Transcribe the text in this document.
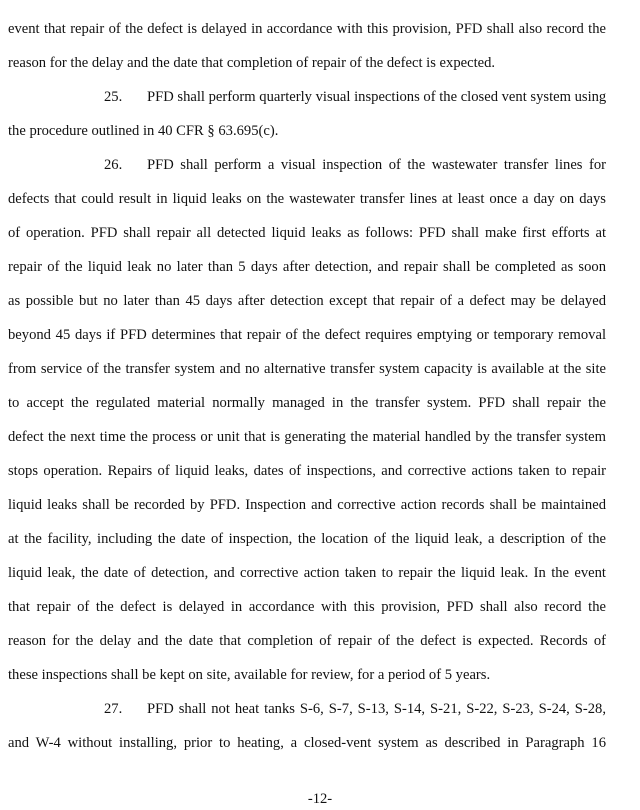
event that repair of the defect is delayed in accordance with this provision, PFD shall also record the
reason for the delay and the date that completion of repair of the defect is expected.
25. PFD shall perform quarterly visual inspections of the closed vent system using
the procedure outlined in 40 CFR § 63.695(c).
26. PFD shall perform a visual inspection of the wastewater transfer lines for
defects that could result in liquid leaks on the wastewater transfer lines at least once a day on days
of operation. PFD shall repair all detected liquid leaks as follows: PFD shall make first efforts at
repair of the liquid leak no later than 5 days after detection, and repair shall be completed as soon
as possible but no later than 45 days after detection except that repair of a defect may be delayed
beyond 45 days if PFD determines that repair of the defect requires emptying or temporary removal
from service of the transfer system and no alternative transfer system capacity is available at the site
to accept the regulated material normally managed in the transfer system. PFD shall repair the
defect the next time the process or unit that is generating the material handled by the transfer system
stops operation. Repairs of liquid leaks, dates of inspections, and corrective actions taken to repair
liquid leaks shall be recorded by PFD. Inspection and corrective action records shall be maintained
at the facility, including the date of inspection, the location of the liquid leak, a description of the
liquid leak, the date of detection, and corrective action taken to repair the liquid leak. In the event
that repair of the defect is delayed in accordance with this provision, PFD shall also record the
reason for the delay and the date that completion of repair of the defect is expected. Records of
these inspections shall be kept on site, available for review, for a period of 5 years.
27. PFD shall not heat tanks S-6, S-7, S-13, S-14, S-21, S-22, S-23, S-24, S-28,
and W-4 without installing, prior to heating, a closed-vent system as described in Paragraph 16
-12-
